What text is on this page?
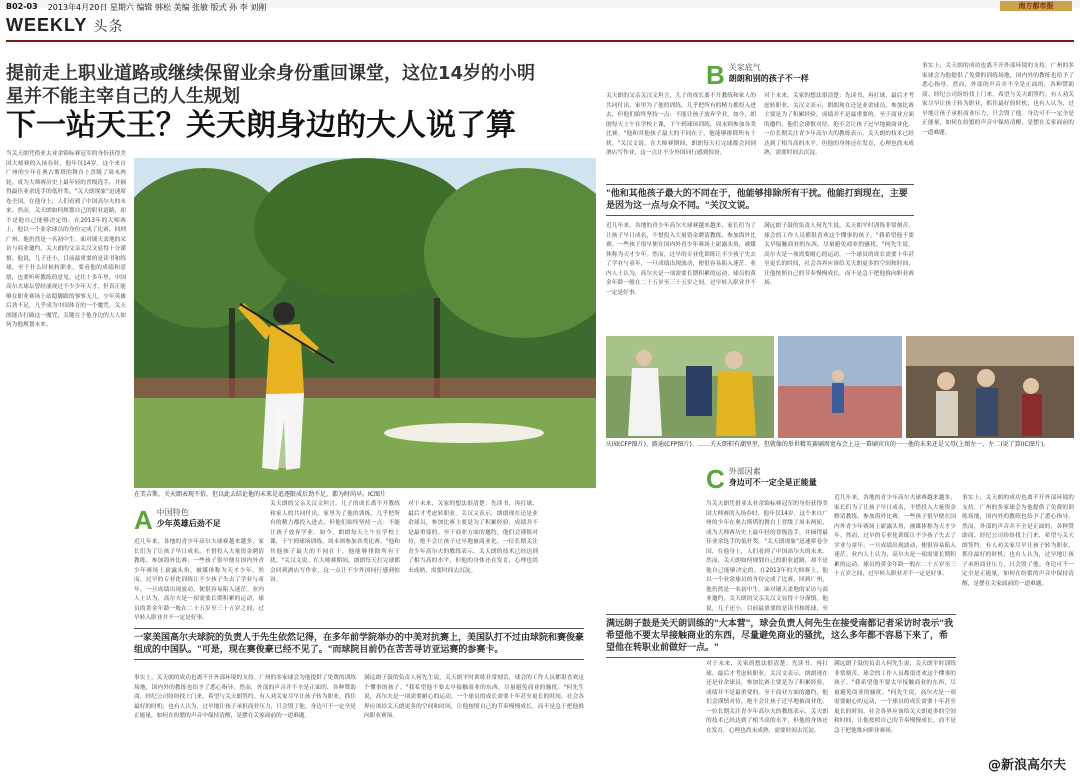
B02-03 2013年4月20日 星期六 编辑 韩松 美编 张敏 版式 孙 李 刘刚	南方都市报
WEEKLY 头条
提前走上职业道路或继续保留业余身份重回课堂，这位14岁的小明星并不能主宰自己的人生规划
下一站天王？关天朗身边的大人说了算
在美吉斯，关天朗表现不俗，但以此去结论他的未来是追逐限成后劲不足，都为时尚早。IC图片
庆园(CFP图片)、路迪(CFP图片)、……关天朗积有潮里里，但就像的举世精英赛刷周宽布会上这一幕刷宾宾的一一他的未来还是父母(上图左一、左二)说了算(IC图片)。
当关天朗凭借亚太业余锦标赛冠军的身份获得美国大师赛的入场券时，他年仅14岁。这个来自广州的少年在奥古斯塔的舞台上晋级了周末两轮，成为大师赛历史上最年轻的晋级选手，并摘得最佳业余选手的低杆奖。"关天朗现象"迅速席卷全国，在他身上，人们看到了中国高尔夫的未来。然而，关天朗如何规划自己的职业道路，却不是他自己能够决定的。在2013年的大师赛上，他以一个业余球员的身份完成了比赛，回到广州，他仍然是一名初中生。面对铺天盖地的采访与商业邀约，关天朗的父亲关汉文显得十分谨慎。他说，儿子还小，目前最重要的是读书和练球，至于什么时候转职业，要看他的成绩和意愿，也要听听教练的意见。过往十多年里，中国高尔夫球坛曾经涌现过不少少年天才，但真正能够在职业赛场上站稳脚跟的寥寥无几。少年英雄后劲不足，几乎成为中国体育的一个魔咒。关天朗能否打破这一魔咒，关键在于他身边的大人如何为他规划未来。
A 中国特色
少年英雄后劲不足
近几年来，各地的青少年高尔夫球赛越来越多，家长们为了让孩子早日成名，不惜投入大量资金聘请教练、参加海外比赛。一些孩子很早便在国内外青少年赛场上崭露头角，被媒体称为天才少年。然而，过早的专业化训练让不少孩子失去了学业与童年，一旦成绩出现波动，便很容易陷入迷茫。业内人士认为，高尔夫是一项需要长期积累的运动，球员的黄金年龄一般在二十五岁至三十五岁之间，过早转入职业并不一定是好事。
关天朗的父亲关汉文坦言，儿子的成长离不开教练和家人的共同付出。家里为了他的训练，几乎把所有的精力都投入进去，但他们始终坚持一点：不能让孩子放弃学业。如今，朗朗每天上午在学校上课，下午到球场训练，周末则参加各类比赛。"他和其他孩子最大的不同在于，他能够排除所有干扰。"关汉文说。在大师赛期间，朗朗每天打完球都会回到酒店写作业，这一点让不少外国同行感到惊讶。
对于未来，关家的想法很清楚：先读书，再打球，最后才考虑转职业。关汉文表示，朗朗现在还是业余球员，参加比赛主要是为了积累经验，成绩并不是最重要的。至于商业方面的邀约，他们会谨慎对待，绝不会让孩子过早地被商业化。一位长期关注青少年高尔夫的教练表示，关天朗的技术已经达到了相当高的水平，但他的身体还在发育，心理也尚未成熟，需要时间去沉淀。
一家美国高尔夫球院的负责人于先生依然记得，在多年前学院举办的中美对抗赛上，美国队打不过由球院和赛俊豪组成的中国队。"可是，现在赛俊豪已经不见了。"而球院目前仍在苦苦寻访亚运赛的参赛卡。
事实上，关天朗的成功也离不开外部环境的支持。广州的多家球会为他提供了免费的训练场地，国内外的教练也给予了悉心指导。然而，外部的声音并不全是正面的，各种赞助商、经纪公司纷纷找上门来，希望与关天朗签约。有人劝关家尽早让孩子转为职业，抓住最好的时机；也有人认为，过早地让孩子承担商业压力，只会毁了他。身边可不一定全是正能量，如何在纷繁的声音中保持清醒，是摆在关家面前的一道难题。
满远朗子鼓的负责人何先生说，关天朗平时训练非常刻苦，球会的工作人员都很喜欢这个懂事的孩子。"我希望他不要太早接触商业的东西，尽量避免商业的骚扰。"何先生说，高尔夫是一项需要耐心的运动，一个球员的成长需要十年甚至更长的时间，社会各界应该给关天朗更多的空间和时间，让他按照自己的节奏慢慢成长，而不是急于把他推向职业赛场。
B 关家底气
朗朗和别的孩子不一样
关天朗的父亲关汉文坦言，儿子的成长离不开教练和家人的共同付出。家里为了他的训练，几乎把所有的精力都投入进去，但他们始终坚持一点：不能让孩子放弃学业。如今，朗朗每天上午在学校上课，下午到球场训练，周末则参加各类比赛。"他和其他孩子最大的不同在于，他能够排除所有干扰。"关汉文说。在大师赛期间，朗朗每天打完球都会回到酒店写作业，这一点让不少外国同行感到惊讶。
对于未来，关家的想法很清楚：先读书，再打球，最后才考虑转职业。关汉文表示，朗朗现在还是业余球员，参加比赛主要是为了积累经验，成绩并不是最重要的。至于商业方面的邀约，他们会谨慎对待，绝不会让孩子过早地被商业化。一位长期关注青少年高尔夫的教练表示，关天朗的技术已经达到了相当高的水平，但他的身体还在发育，心理也尚未成熟，需要时间去沉淀。
事实上，关天朗的成功也离不开外部环境的支持。广州的多家球会为他提供了免费的训练场地，国内外的教练也给予了悉心指导。然而，外部的声音并不全是正面的，各种赞助商、经纪公司纷纷找上门来，希望与关天朗签约。有人劝关家尽早让孩子转为职业，抓住最好的时机；也有人认为，过早地让孩子承担商业压力，只会毁了他。身边可不一定全是正能量，如何在纷繁的声音中保持清醒，是摆在关家面前的一道难题。
"他和其他孩子最大的不同在于，他能够排除所有干扰。他能打到现在，主要是因为这一点与众不同。"关汉文说。
近几年来，各地的青少年高尔夫球赛越来越多，家长们为了让孩子早日成名，不惜投入大量资金聘请教练、参加海外比赛。一些孩子很早便在国内外青少年赛场上崭露头角，被媒体称为天才少年。然而，过早的专业化训练让不少孩子失去了学业与童年，一旦成绩出现波动，便很容易陷入迷茫。业内人士认为，高尔夫是一项需要长期积累的运动，球员的黄金年龄一般在二十五岁至三十五岁之间，过早转入职业并不一定是好事。
满远朗子鼓的负责人何先生说，关天朗平时训练非常刻苦，球会的工作人员都很喜欢这个懂事的孩子。"我希望他不要太早接触商业的东西，尽量避免商业的骚扰。"何先生说，高尔夫是一项需要耐心的运动，一个球员的成长需要十年甚至更长的时间，社会各界应该给关天朗更多的空间和时间，让他按照自己的节奏慢慢成长，而不是急于把他推向职业赛场。
C 外部因素
身边可不一定全是正能量
当关天朗凭借亚太业余锦标赛冠军的身份获得美国大师赛的入场券时，他年仅14岁。这个来自广州的少年在奥古斯塔的舞台上晋级了周末两轮，成为大师赛历史上最年轻的晋级选手，并摘得最佳业余选手的低杆奖。"关天朗现象"迅速席卷全国，在他身上，人们看到了中国高尔夫的未来。然而，关天朗如何规划自己的职业道路，却不是他自己能够决定的。在2013年的大师赛上，他以一个业余球员的身份完成了比赛，回到广州，他仍然是一名初中生。面对铺天盖地的采访与商业邀约，关天朗的父亲关汉文显得十分谨慎。他说，儿子还小，目前最重要的是读书和练球，至
近几年来，各地的青少年高尔夫球赛越来越多，家长们为了让孩子早日成名，不惜投入大量资金聘请教练、参加海外比赛。一些孩子很早便在国内外青少年赛场上崭露头角，被媒体称为天才少年。然而，过早的专业化训练让不少孩子失去了学业与童年，一旦成绩出现波动，便很容易陷入迷茫。业内人士认为，高尔夫是一项需要长期积累的运动，球员的黄金年龄一般在二十五岁至三十五岁之间，过早转入职业并不一定是好事。
事实上，关天朗的成功也离不开外部环境的支持。广州的多家球会为他提供了免费的训练场地，国内外的教练也给予了悉心指导。然而，外部的声音并不全是正面的，各种赞助商、经纪公司纷纷找上门来，希望与关天朗签约。有人劝关家尽早让孩子转为职业，抓住最好的时机；也有人认为，过早地让孩子承担商业压力，只会毁了他。身边可不一定全是正能量，如何在纷繁的声音中保持清醒，是摆在关家面前的一道难题。
满远朗子鼓是关天朗训练的"大本营"，球会负责人何先生在接受南都记者采访时表示"我希望他不要太早接触商业的东西，尽量避免商业的骚扰，这么多年都不容易下来了，希望他在转职业前做好一点。"
对于未来，关家的想法很清楚：先读书，再打球，最后才考虑转职业。关汉文表示，朗朗现在还是业余球员，参加比赛主要是为了积累经验，成绩并不是最重要的。至于商业方面的邀约，他们会谨慎对待，绝不会让孩子过早地被商业化。一位长期关注青少年高尔夫的教练表示，关天朗的技术已经达到了相当高的水平，但他的身体还在发育，心理也尚未成熟，需要时间去沉淀。
满远朗子鼓的负责人何先生说，关天朗平时训练非常刻苦，球会的工作人员都很喜欢这个懂事的孩子。"我希望他不要太早接触商业的东西，尽量避免商业的骚扰。"何先生说，高尔夫是一项需要耐心的运动，一个球员的成长需要十年甚至更长的时间，社会各界应该给关天朗更多的空间和时间，让他按照自己的节奏慢慢成长，而不是急于把他推向职业赛场。
@新浪高尔夫
